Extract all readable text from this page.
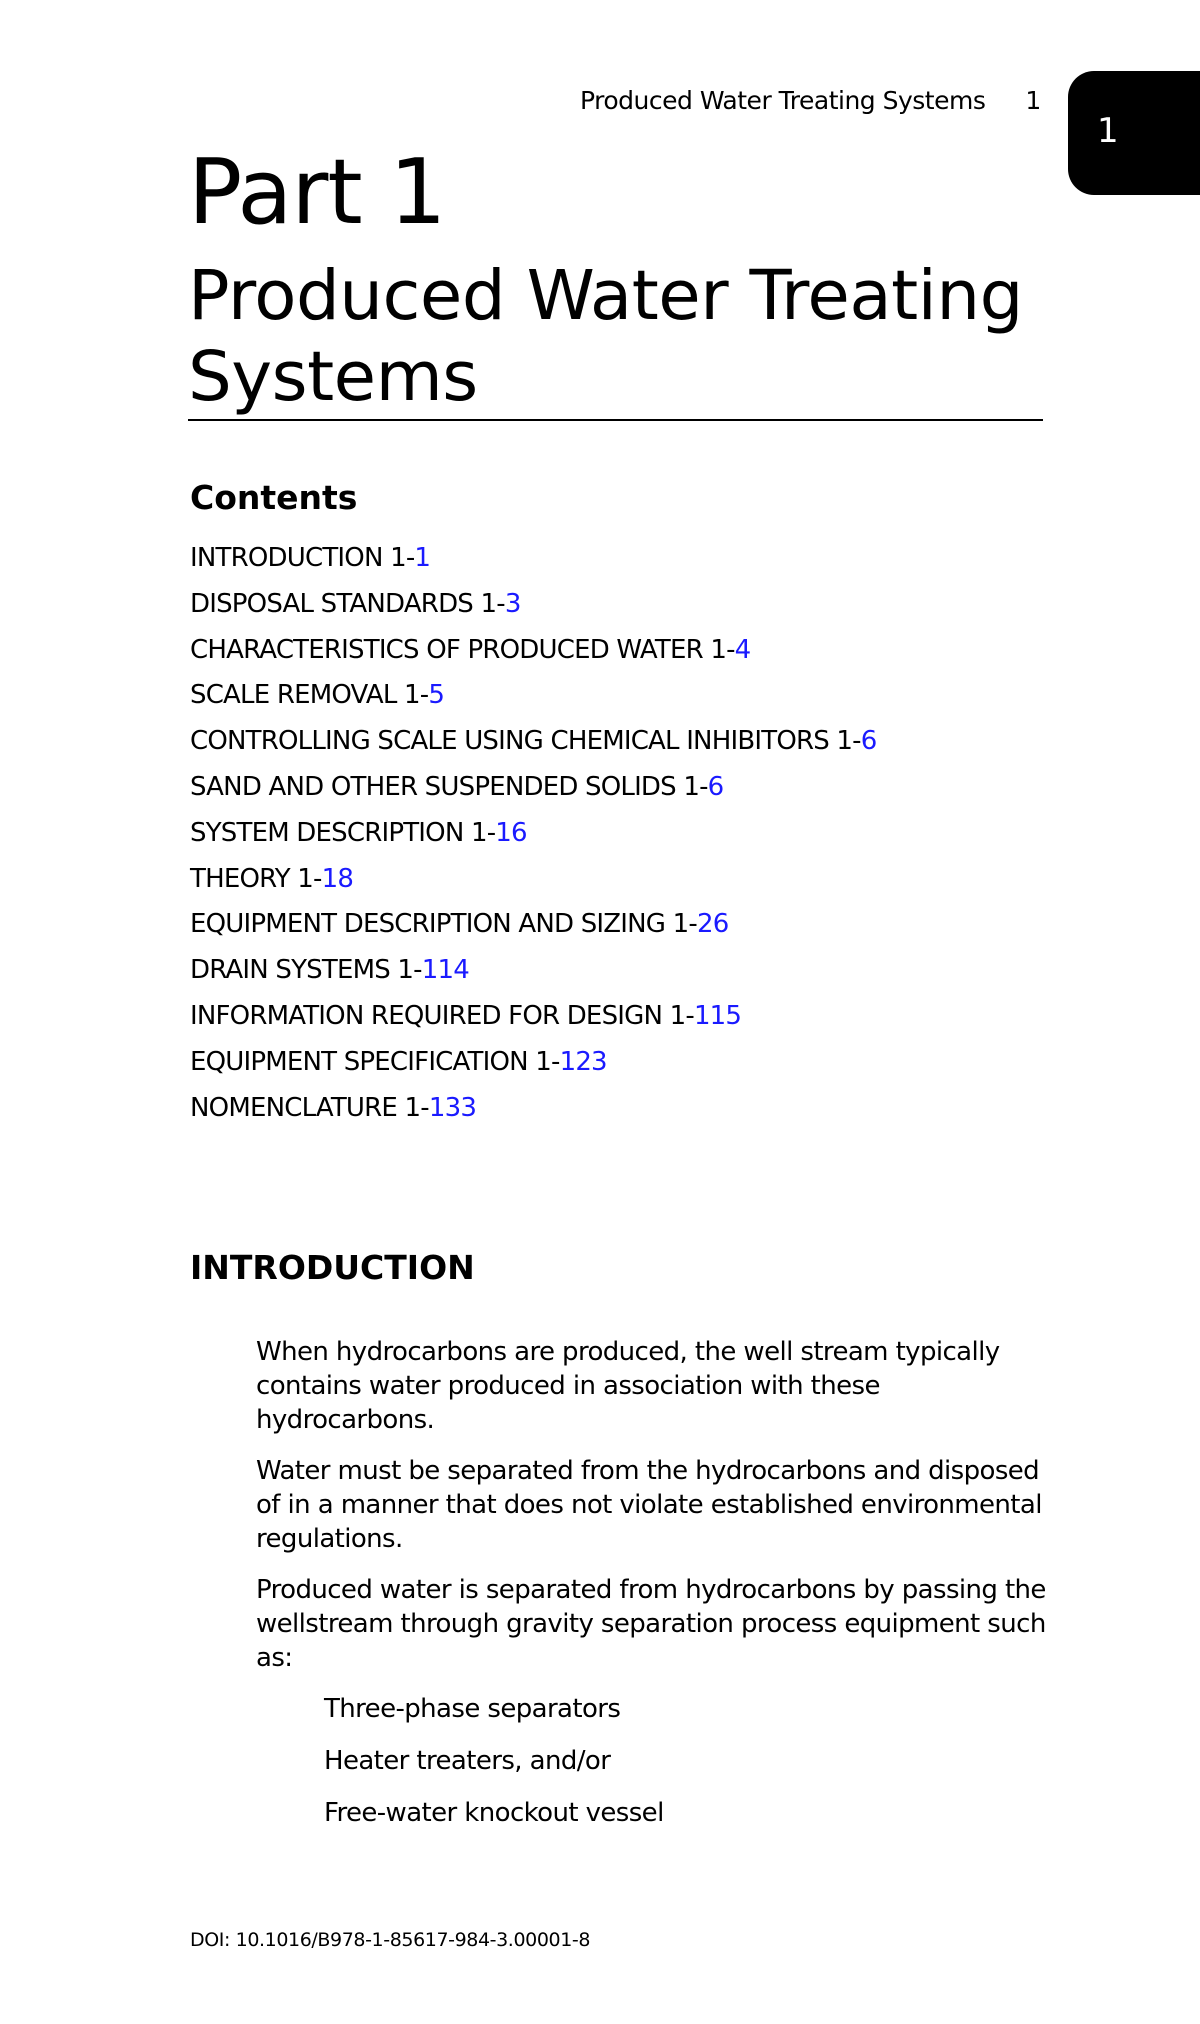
Produced Water Treating Systems 1
1
Part 1
Produced Water Treating Systems
Contents
INTRODUCTION 1-1
DISPOSAL STANDARDS 1-3
CHARACTERISTICS OF PRODUCED WATER 1-4
SCALE REMOVAL 1-5
CONTROLLING SCALE USING CHEMICAL INHIBITORS 1-6
SAND AND OTHER SUSPENDED SOLIDS 1-6
SYSTEM DESCRIPTION 1-16
THEORY 1-18
EQUIPMENT DESCRIPTION AND SIZING 1-26
DRAIN SYSTEMS 1-114
INFORMATION REQUIRED FOR DESIGN 1-115
EQUIPMENT SPECIFICATION 1-123
NOMENCLATURE 1-133
INTRODUCTION

When hydrocarbons are produced, the well stream typically contains water produced in association with these hydrocarbons.

Water must be separated from the hydrocarbons and disposed of in a manner that does not violate established environmental regulations.

Produced water is separated from hydrocarbons by passing the wellstream through gravity separation process equipment such as:

Three-phase separators
Heater treaters, and/or
Free-water knockout vessel
DOI: 10.1016/B978-1-85617-984-3.00001-8
